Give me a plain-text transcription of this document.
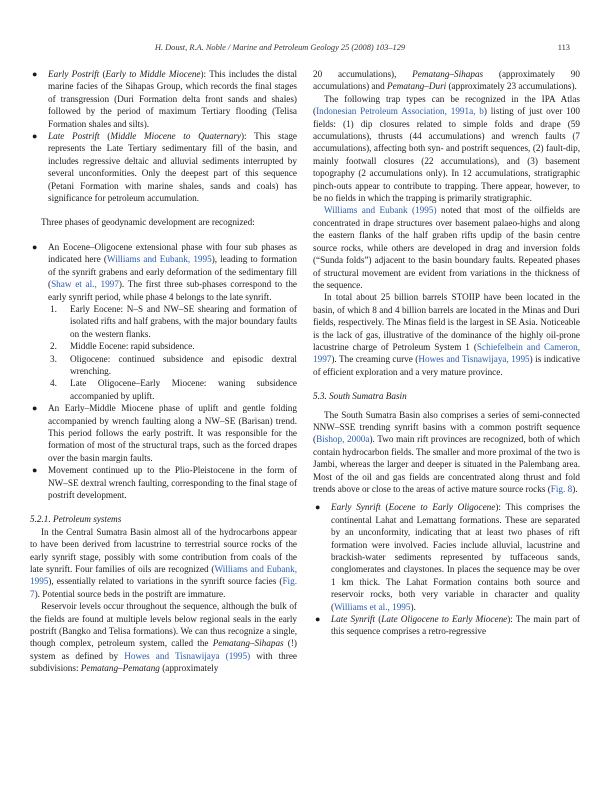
H. Doust, R.A. Noble / Marine and Petroleum Geology 25 (2008) 103–129	113
● Early Postrift (Early to Middle Miocene): This includes the distal marine facies of the Sihapas Group, which records the final stages of transgression (Duri Formation delta front sands and shales) followed by the period of maximum Tertiary flooding (Telisa Formation shales and silts).
● Late Postrift (Middle Miocene to Quaternary): This stage represents the Late Tertiary sedimentary fill of the basin, and includes regressive deltaic and alluvial sediments interrupted by several unconformities. Only the deepest part of this sequence (Petani Formation with marine shales, sands and coals) has significance for petroleum accumulation.

Three phases of geodynamic development are recognized:

● An Eocene–Oligocene extensional phase with four sub phases as indicated here (Williams and Eubank, 1995), leading to formation of the synrift grabens and early deformation of the sedimentary fill (Shaw et al., 1997). The first three sub-phases correspond to the early synrift period, while phase 4 belongs to the late synrift.
1. Early Eocene: N–S and NW–SE shearing and formation of isolated rifts and half grabens, with the major boundary faults on the western flanks.
2. Middle Eocene: rapid subsidence.
3. Oligocene: continued subsidence and episodic dextral wrenching.
4. Late Oligocene–Early Miocene: waning subsidence accompanied by uplift.
● An Early–Middle Miocene phase of uplift and gentle folding accompanied by wrench faulting along a NW–SE (Barisan) trend. This period follows the early postrift. It was responsible for the formation of most of the structural traps, such as the forced drapes over the basin margin faults.
● Movement continued up to the Plio-Pleistocene in the form of NW–SE dextral wrench faulting, corresponding to the final stage of postrift development.

5.2.1. Petroleum systems

In the Central Sumatra Basin almost all of the hydrocarbons appear to have been derived from lacustrine to terrestrial source rocks of the early synrift stage, possibly with some contribution from coals of the late synrift. Four families of oils are recognized (Williams and Eubank, 1995), essentially related to variations in the synrift source facies (Fig. 7). Potential source beds in the postrift are immature.

Reservoir levels occur throughout the sequence, although the bulk of the fields are found at multiple levels below regional seals in the early postrift (Bangko and Telisa formations). We can thus recognize a single, though complex, petroleum system, called the Pematang–Sihapas (!) system as defined by Howes and Tisnawijaya (1995) with three subdivisions: Pematang–Pematang (approximately

20 accumulations), Pematang–Sihapas (approximately 90 accumulations) and Pematang–Duri (approximately 23 accumulations).

The following trap types can be recognized in the IPA Atlas (Indonesian Petroleum Association, 1991a, b) listing of just over 100 fields: (1) dip closures related to simple folds and drape (59 accumulations), thrusts (44 accumulations) and wrench faults (7 accumulations), affecting both syn- and postrift sequences, (2) fault-dip, mainly footwall closures (22 accumulations), and (3) basement topography (2 accumulations only). In 12 accumulations, stratigraphic pinch-outs appear to contribute to trapping. There appear, however, to be no fields in which the trapping is primarily stratigraphic.

Williams and Eubank (1995) noted that most of the oilfields are concentrated in drape structures over basement palaeo-highs and along the eastern flanks of the half graben rifts updip of the basin centre source rocks, while others are developed in drag and inversion folds (“Sunda folds”) adjacent to the basin boundary faults. Repeated phases of structural movement are evident from variations in the thickness of the sequence.

In total about 25 billion barrels STOIIP have been located in the basin, of which 8 and 4 billion barrels are located in the Minas and Duri fields, respectively. The Minas field is the largest in SE Asia. Noticeable is the lack of gas, illustrative of the dominance of the highly oil-prone lacustrine charge of Petroleum System 1 (Schiefelbein and Cameron, 1997). The creaming curve (Howes and Tisnawijaya, 1995) is indicative of efficient exploration and a very mature province.

5.3. South Sumatra Basin

The South Sumatra Basin also comprises a series of semi-connected NNW–SSE trending synrift basins with a common postrift sequence (Bishop, 2000a). Two main rift provinces are recognized, both of which contain hydrocarbon fields. The smaller and more proximal of the two is Jambi, whereas the larger and deeper is situated in the Palembang area. Most of the oil and gas fields are concentrated along thrust and fold trends above or close to the areas of active mature source rocks (Fig. 8).

● Early Synrift (Eocene to Early Oligocene): This comprises the continental Lahat and Lemattang formations. These are separated by an unconformity, indicating that at least two phases of rift formation were involved. Facies include alluvial, lacustrine and brackish-water sediments represented by tuffaceous sands, conglomerates and claystones. In places the sequence may be over 1 km thick. The Lahat Formation contains both source and reservoir rocks, both very variable in character and quality (Williams et al., 1995).
● Late Synrift (Late Oligocene to Early Miocene): The main part of this sequence comprises a retro-regressive
